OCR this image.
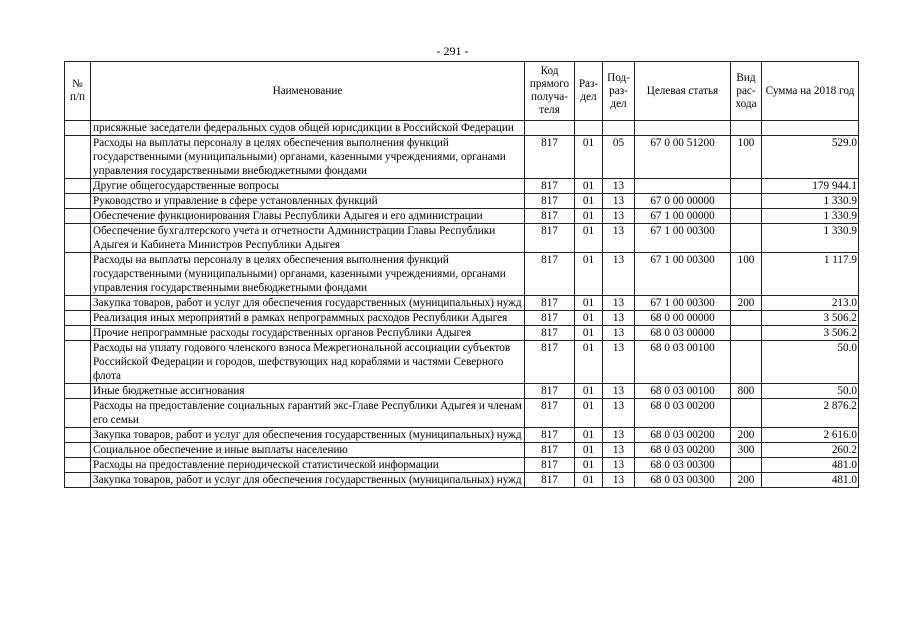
- 291 -
№ п/п	Наименование	Код прямого получа-теля	Раз-дел	Под-раз-дел	Целевая статья	Вид рас-хода	Сумма на 2018 год
	присяжные заседатели федеральных судов общей юрисдикции в Российской Федерации						
	Расходы на выплаты персоналу в целях обеспечения выполнения функций государственными (муниципальными) органами, казенными учреждениями, органами управления государственными внебюджетными фондами	817	01	05	67 0 00 51200	100	529.0
	Другие общегосударственные вопросы	817	01	13			179 944.1
	Руководство и управление в сфере установленных функций	817	01	13	67 0 00 00000		1 330.9
	Обеспечение функционирования Главы Республики Адыгея и его администрации	817	01	13	67 1 00 00000		1 330.9
	Обеспечение бухгалтерского учета и отчетности Администрации Главы Республики Адыгея и Кабинета Министров Республики Адыгея	817	01	13	67 1 00 00300		1 330.9
	Расходы на выплаты персоналу в целях обеспечения выполнения функций государственными (муниципальными) органами, казенными учреждениями, органами управления государственными внебюджетными фондами	817	01	13	67 1 00 00300	100	1 117.9
	Закупка товаров, работ и услуг для обеспечения государственных (муниципальных) нужд	817	01	13	67 1 00 00300	200	213.0
	Реализация иных мероприятий в рамках непрограммных расходов Республики Адыгея	817	01	13	68 0 00 00000		3 506.2
	Прочие непрограммные расходы государственных органов Республики Адыгея	817	01	13	68 0 03 00000		3 506.2
	Расходы на уплату годового членского взноса Межрегиональной ассоциации субъектов Российской Федерации и городов, шефствующих над кораблями и частями Северного флота	817	01	13	68 0 03 00100		50.0
	Иные бюджетные ассигнования	817	01	13	68 0 03 00100	800	50.0
	Расходы на предоставление социальных гарантий экс-Главе Республики Адыгея и членам его семьи	817	01	13	68 0 03 00200		2 876.2
	Закупка товаров, работ и услуг для обеспечения государственных (муниципальных) нужд	817	01	13	68 0 03 00200	200	2 616.0
	Социальное обеспечение и иные выплаты населению	817	01	13	68 0 03 00200	300	260.2
	Расходы на предоставление периодической статистической информации	817	01	13	68 0 03 00300		481.0
	Закупка товаров, работ и услуг для обеспечения государственных (муниципальных) нужд	817	01	13	68 0 03 00300	200	481.0
